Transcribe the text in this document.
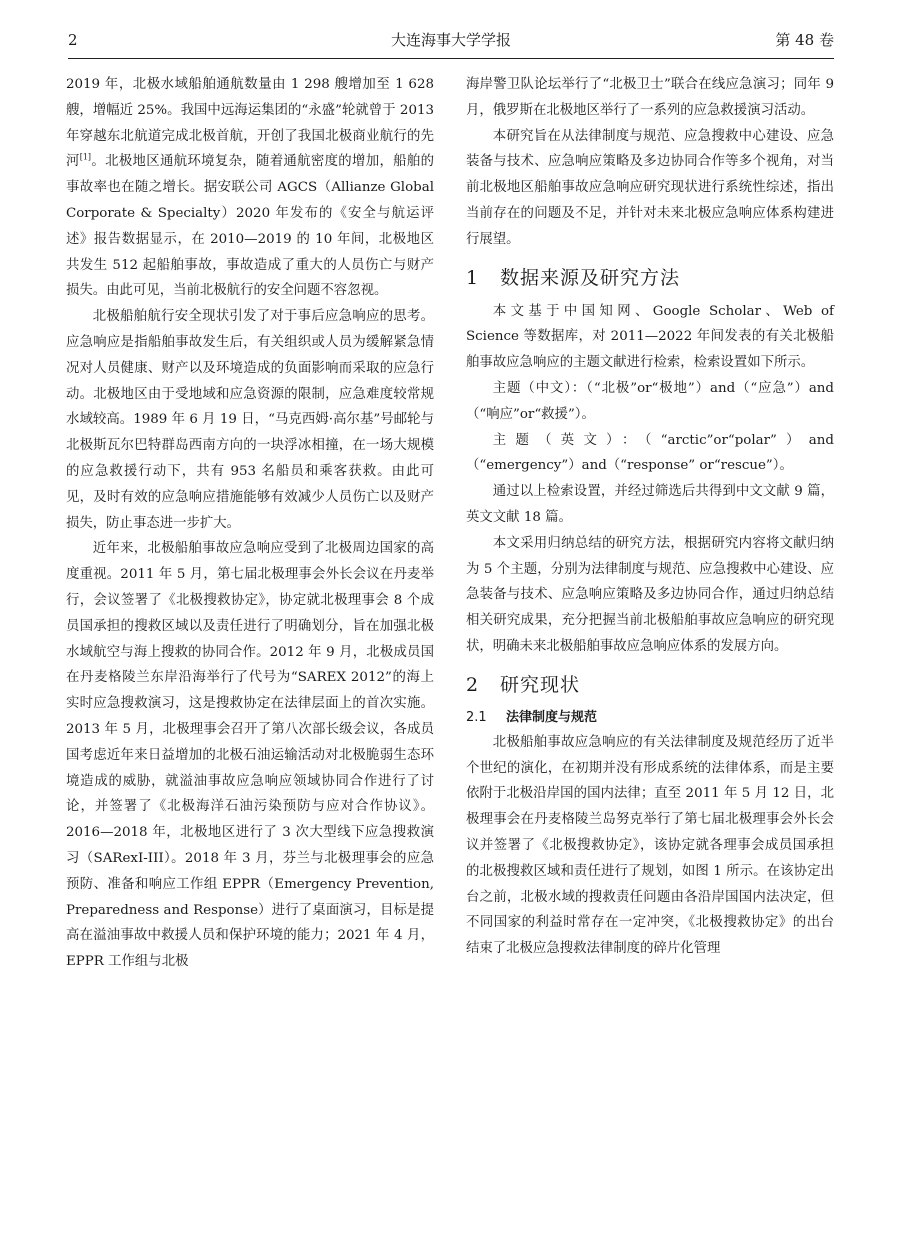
2	大连海事大学学报	第 48 卷

2019 年，北极水域船舶通航数量由 1 298 艘增加至 1 628 艘，增幅近 25%。我国中远海运集团的“永盛”轮就曾于 2013 年穿越东北航道完成北极首航，开创了我国北极商业航行的先河[1]。北极地区通航环境复杂，随着通航密度的增加，船舶的事故率也在随之增长。据安联公司 AGCS（Allianze Global Corporate & Specialty）2020 年发布的《安全与航运评述》报告数据显示，在 2010—2019 的 10 年间，北极地区共发生 512 起船舶事故，事故造成了重大的人员伤亡与财产损失。由此可见，当前北极航行的安全问题不容忽视。

北极船舶航行安全现状引发了对于事后应急响应的思考。应急响应是指船舶事故发生后，有关组织或人员为缓解紧急情况对人员健康、财产以及环境造成的负面影响而采取的应急行动。北极地区由于受地域和应急资源的限制，应急难度较常规水域较高。1989 年 6 月 19 日，“马克西姆·高尔基”号邮轮与北极斯瓦尔巴特群岛西南方向的一块浮冰相撞，在一场大规模的应急救援行动下，共有 953 名船员和乘客获救。由此可见，及时有效的应急响应措施能够有效减少人员伤亡以及财产损失，防止事态进一步扩大。

近年来，北极船舶事故应急响应受到了北极周边国家的高度重视。2011 年 5 月，第七届北极理事会外长会议在丹麦举行，会议签署了《北极搜救协定》，协定就北极理事会 8 个成员国承担的搜救区域以及责任进行了明确划分，旨在加强北极水域航空与海上搜救的协同合作。2012 年 9 月，北极成员国在丹麦格陵兰东岸沿海举行了代号为“SAREX 2012”的海上实时应急搜救演习，这是搜救协定在法律层面上的首次实施。2013 年 5 月，北极理事会召开了第八次部长级会议，各成员国考虑近年来日益增加的北极石油运输活动对北极脆弱生态环境造成的威胁，就溢油事故应急响应领域协同合作进行了讨论，并签署了《北极海洋石油污染预防与应对合作协议》。2016—2018 年，北极地区进行了 3 次大型线下应急搜救演习（SARexI-III）。2018 年 3 月，芬兰与北极理事会的应急预防、准备和响应工作组 EPPR（Emergency Prevention, Preparedness and Response）进行了桌面演习，目标是提高在溢油事故中救援人员和保护环境的能力；2021 年 4 月，EPPR 工作组与北极

海岸警卫队论坛举行了“北极卫士”联合在线应急演习；同年 9 月，俄罗斯在北极地区举行了一系列的应急救援演习活动。

本研究旨在从法律制度与规范、应急搜救中心建设、应急装备与技术、应急响应策略及多边协同合作等多个视角，对当前北极地区船舶事故应急响应研究现状进行系统性综述，指出当前存在的问题及不足，并针对未来北极应急响应体系构建进行展望。

1 数据来源及研究方法

本文基于中国知网、Google Scholar、Web of Science 等数据库，对 2011—2022 年间发表的有关北极船舶事故应急响应的主题文献进行检索，检索设置如下所示。

主题（中文）：（“北极”or“极地”）and（“应急”）and（“响应”or“救援”）。

主题（英文）：（“arctic”or“polar”）and（“emergency”）and（“response” or“rescue”）。

通过以上检索设置，并经过筛选后共得到中文文献 9 篇，英文文献 18 篇。

本文采用归纳总结的研究方法，根据研究内容将文献归纳为 5 个主题，分别为法律制度与规范、应急搜救中心建设、应急装备与技术、应急响应策略及多边协同合作，通过归纳总结相关研究成果，充分把握当前北极船舶事故应急响应的研究现状，明确未来北极船舶事故应急响应体系的发展方向。

2 研究现状
2.1 法律制度与规范

北极船舶事故应急响应的有关法律制度及规范经历了近半个世纪的演化，在初期并没有形成系统的法律体系，而是主要依附于北极沿岸国的国内法律；直至 2011 年 5 月 12 日，北极理事会在丹麦格陵兰岛努克举行了第七届北极理事会外长会议并签署了《北极搜救协定》，该协定就各理事会成员国承担的北极搜救区域和责任进行了规划，如图 1 所示。在该协定出台之前，北极水域的搜救责任问题由各沿岸国国内法决定，但不同国家的利益时常存在一定冲突，《北极搜救协定》的出台结束了北极应急搜救法律制度的碎片化管理
